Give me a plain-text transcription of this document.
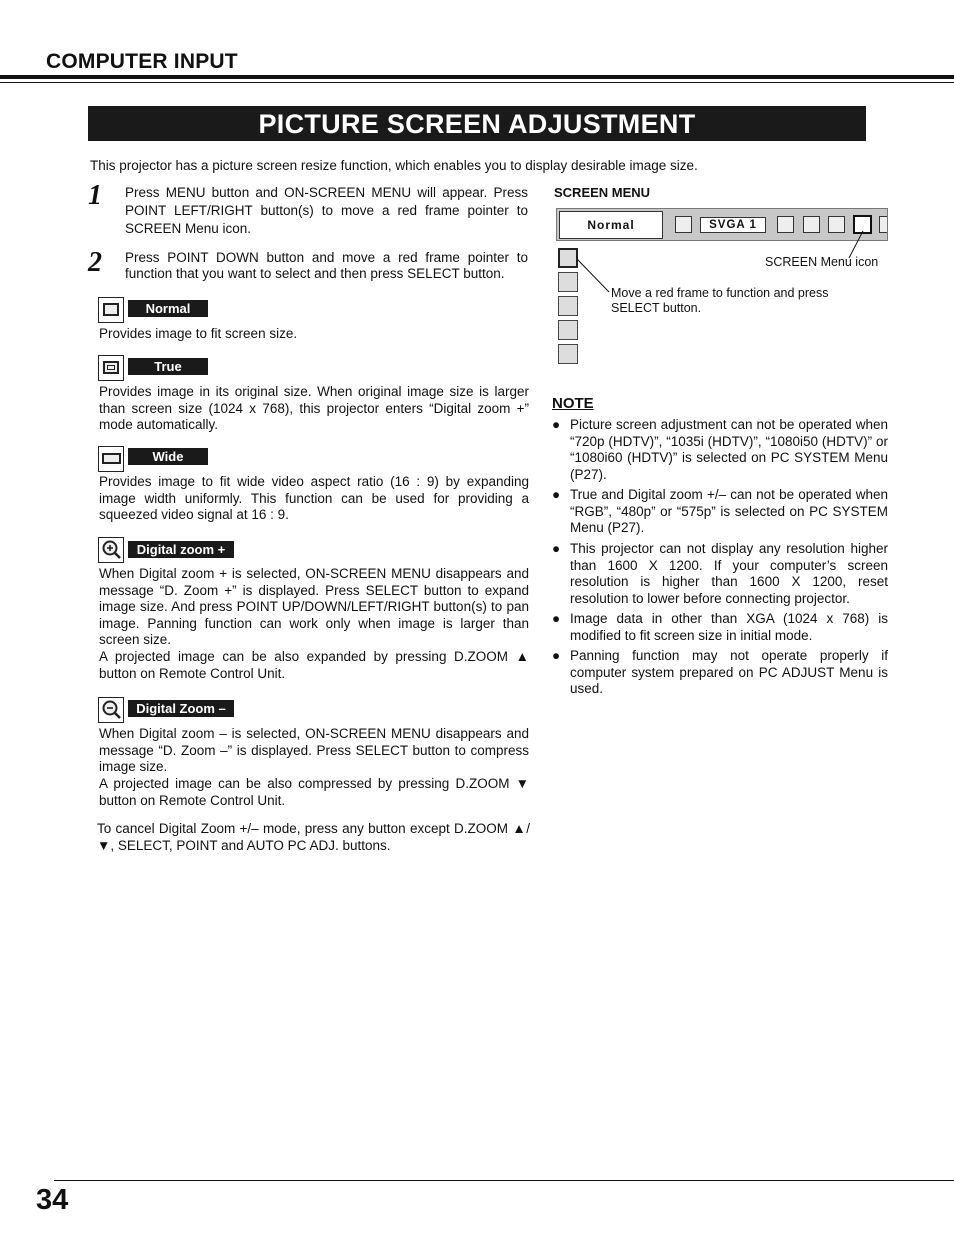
COMPUTER INPUT
PICTURE SCREEN ADJUSTMENT
This projector has a picture screen resize function, which enables you to display desirable image size.
1 Press MENU button and ON-SCREEN MENU will appear. Press POINT LEFT/RIGHT button(s) to move a red frame pointer to SCREEN Menu icon.
2 Press POINT DOWN button and move a red frame pointer to function that you want to select and then press SELECT button.
Normal
Provides image to fit screen size.
True
Provides image in its original size. When original image size is larger than screen size (1024 x 768), this projector enters “Digital zoom +” mode automatically.
Wide
Provides image to fit wide video aspect ratio (16 : 9) by expanding image width uniformly. This function can be used for providing a squeezed video signal at 16 : 9.
Digital zoom +
When Digital zoom + is selected, ON-SCREEN MENU disappears and message “D. Zoom +” is displayed. Press SELECT button to expand image size. And press POINT UP/DOWN/LEFT/RIGHT button(s) to pan image. Panning function can work only when image is larger than screen size.
A projected image can be also expanded by pressing D.ZOOM ▲ button on Remote Control Unit.
Digital Zoom –
When Digital zoom – is selected, ON-SCREEN MENU disappears and message “D. Zoom –” is displayed. Press SELECT button to compress image size.
A projected image can be also compressed by pressing D.ZOOM ▼ button on Remote Control Unit.
To cancel Digital Zoom +/– mode, press any button except D.ZOOM ▲/▼, SELECT, POINT and AUTO PC ADJ. buttons.
SCREEN MENU
Normal	SVGA 1
SCREEN Menu icon
Move a red frame to function and press SELECT button.
NOTE
● Picture screen adjustment can not be operated when “720p (HDTV)”, “1035i (HDTV)”, “1080i50 (HDTV)” or “1080i60 (HDTV)” is selected on PC SYSTEM Menu (P27).
● True and Digital zoom +/– can not be operated when “RGB”, “480p” or “575p” is selected on PC SYSTEM Menu (P27).
● This projector can not display any resolution higher than 1600 X 1200. If your computer’s screen resolution is higher than 1600 X 1200, reset resolution to lower before connecting projector.
● Image data in other than XGA (1024 x 768) is modified to fit screen size in initial mode.
● Panning function may not operate properly if computer system prepared on PC ADJUST Menu is used.
34
